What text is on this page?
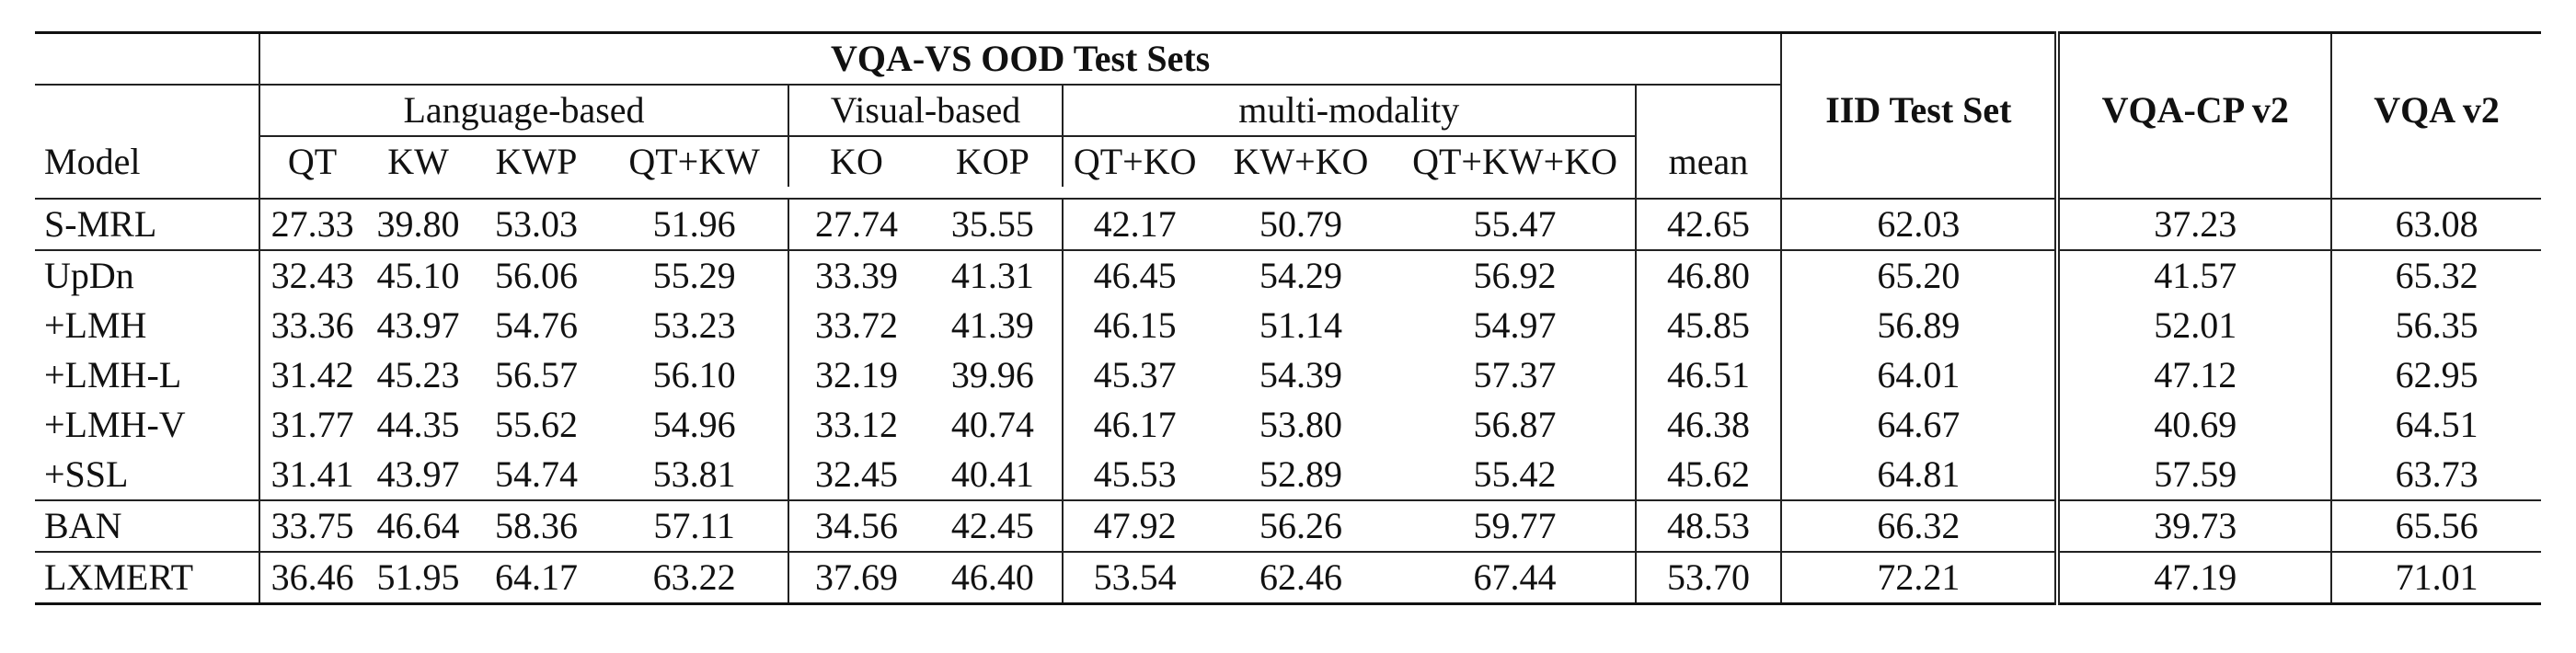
	VQA-VS OOD Test Sets										IID Test Set	VQA-CP v2	VQA v2
	Language-based				Visual-based		multi-modality						
Model	QT	KW	KWP	QT+KW	KO	KOP	QT+KO	KW+KO	QT+KW+KO	mean			

S-MRL	27.33	39.80	53.03	51.96	27.74	35.55	42.17	50.79	55.47	42.65	62.03	37.23	63.08
UpDn	32.43	45.10	56.06	55.29	33.39	41.31	46.45	54.29	56.92	46.80	65.20	41.57	65.32
+LMH	33.36	43.97	54.76	53.23	33.72	41.39	46.15	51.14	54.97	45.85	56.89	52.01	56.35
+LMH-L	31.42	45.23	56.57	56.10	32.19	39.96	45.37	54.39	57.37	46.51	64.01	47.12	62.95
+LMH-V	31.77	44.35	55.62	54.96	33.12	40.74	46.17	53.80	56.87	46.38	64.67	40.69	64.51
+SSL	31.41	43.97	54.74	53.81	32.45	40.41	45.53	52.89	55.42	45.62	64.81	57.59	63.73
BAN	33.75	46.64	58.36	57.11	34.56	42.45	47.92	56.26	59.77	48.53	66.32	39.73	65.56
LXMERT	36.46	51.95	64.17	63.22	37.69	46.40	53.54	62.46	67.44	53.70	72.21	47.19	71.01
